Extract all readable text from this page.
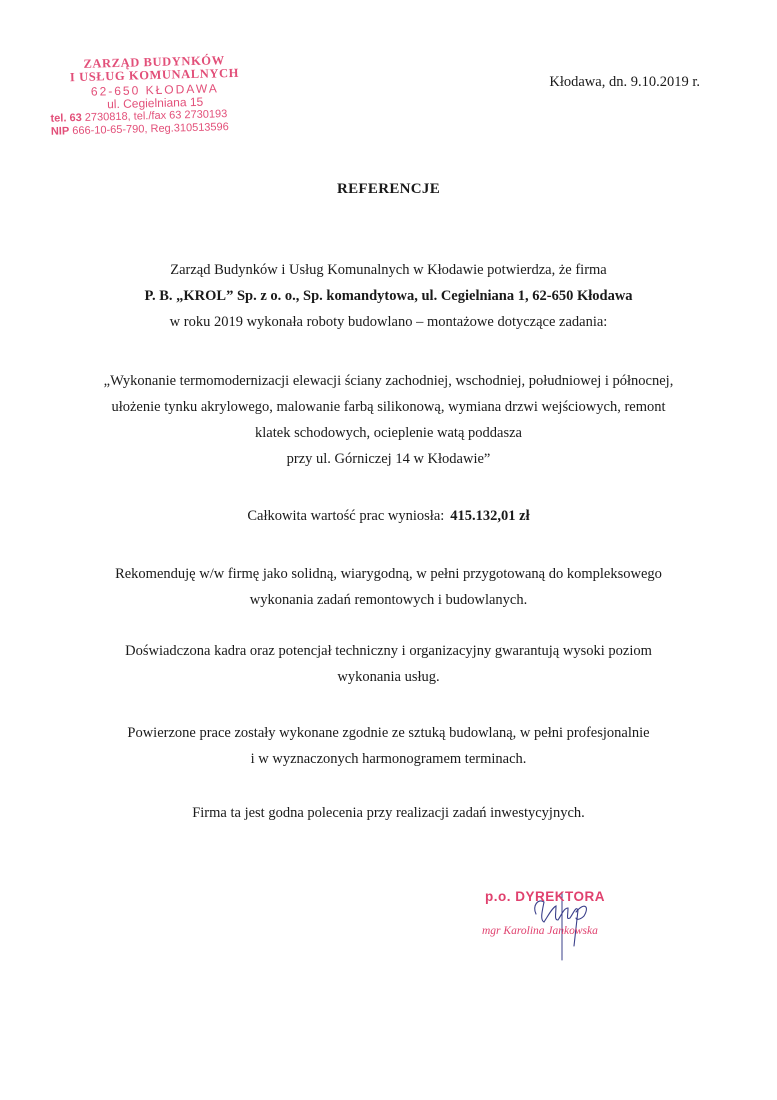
ZARZĄD BUDYNKÓW
I USŁUG KOMUNALNYCH
62-650 KŁODAWA
ul. Cegielniana 15
tel. 63 2730818, tel./fax 63 2730193
NIP 666-10-65-790, Reg.310513596
Kłodawa, dn. 9.10.2019 r.
REFERENCJE
Zarząd Budynków i Usług Komunalnych w Kłodawie potwierdza, że firma
P. B. „KROL” Sp. z o. o., Sp. komandytowa, ul. Cegielniana 1, 62-650 Kłodawa
w roku 2019 wykonała roboty budowlano – montażowe dotyczące zadania:
„Wykonanie termomodernizacji elewacji ściany zachodniej, wschodniej, południowej i północnej,
ułożenie tynku akrylowego, malowanie farbą silikonową, wymiana drzwi wejściowych, remont
klatek schodowych, ocieplenie watą poddasza
przy ul. Górniczej 14 w Kłodawie”
Całkowita wartość prac wyniosła: 415.132,01 zł
Rekomenduję w/w firmę jako solidną, wiarygodną, w pełni przygotowaną do kompleksowego
wykonania zadań remontowych i budowlanych.
Doświadczona kadra oraz potencjał techniczny i organizacyjny gwarantują wysoki poziom
wykonania usług.
Powierzone prace zostały wykonane zgodnie ze sztuką budowlaną, w pełni profesjonalnie
i w wyznaczonych harmonogramem terminach.
Firma ta jest godna polecenia przy realizacji zadań inwestycyjnych.
p.o. DYREKTORA
mgr Karolina Jankowska
